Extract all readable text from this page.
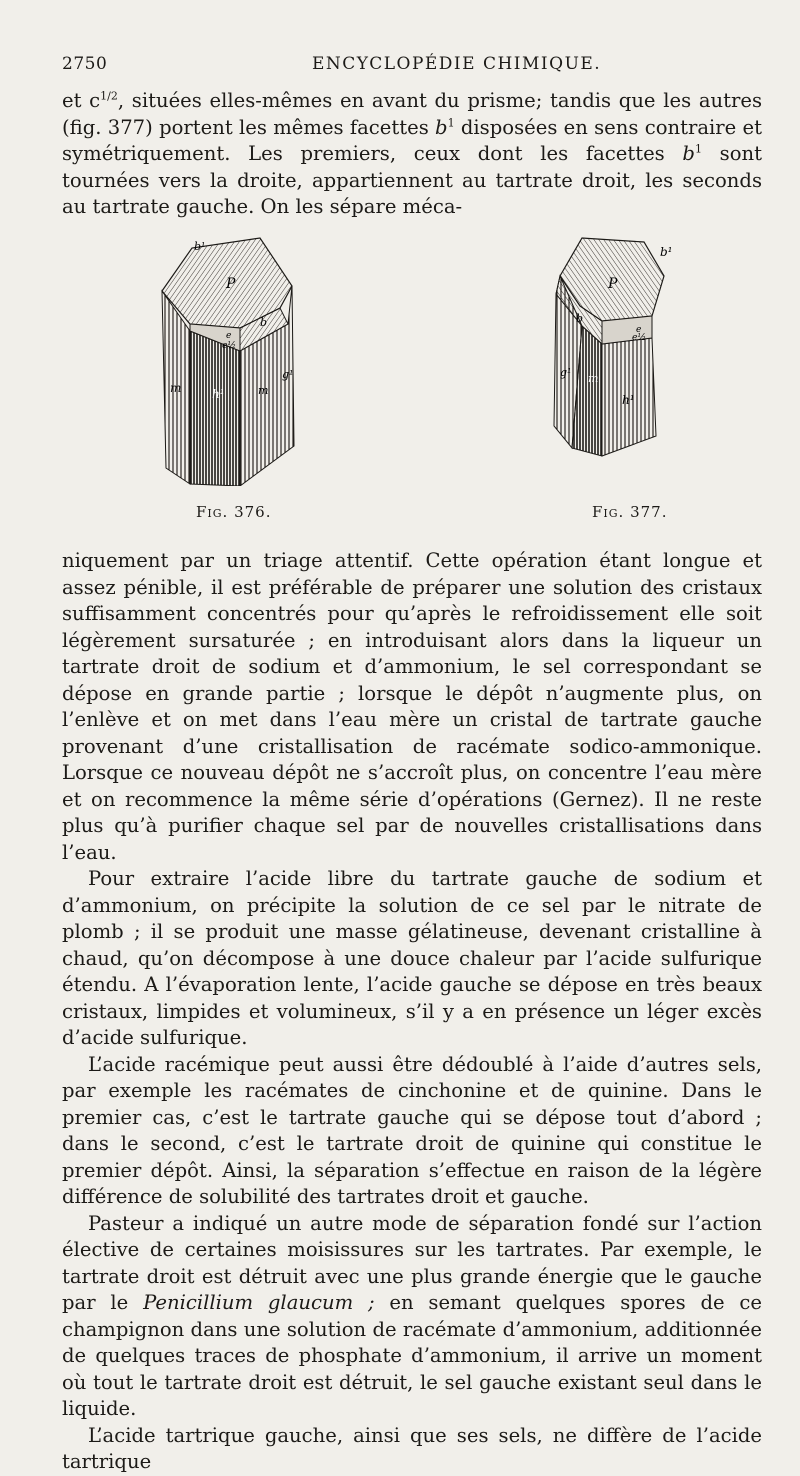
2750	ENCYCLOPÉDIE CHIMIQUE.

et $c^{1/2}$, situées elles-mêmes en avant du prisme; tandis que les autres (fig. 377) portent les mêmes facettes $b^1$ disposées en sens contraire et symétriquement. Les premiers, ceux dont les facettes $b^1$ sont tournées vers la droite, appartiennent au tartrate droit, les seconds au tartrate gauche. On les sépare méca-

b¹
P
e
e½
b
m	h¹
g¹
m
b¹
P
b
e
e½
g¹ m
h¹
Fig. 376.	Fig. 377.

niquement par un triage attentif. Cette opération étant longue et assez pénible, il est préférable de préparer une solution des cristaux suffisamment concentrés pour qu’après le refroidissement elle soit légèrement sursaturée ; en introduisant alors dans la liqueur un tartrate droit de sodium et d’ammonium, le sel correspondant se dépose en grande partie ; lorsque le dépôt n’augmente plus, on l’enlève et on met dans l’eau mère un cristal de tartrate gauche provenant d’une cristallisation de racémate sodico-ammonique. Lorsque ce nouveau dépôt ne s’accroît plus, on concentre l’eau mère et on recommence la même série d’opérations (Gernez). Il ne reste plus qu’à purifier chaque sel par de nouvelles cristallisations dans l’eau.

Pour extraire l’acide libre du tartrate gauche de sodium et d’ammonium, on précipite la solution de ce sel par le nitrate de plomb ; il se produit une masse gélatineuse, devenant cristalline à chaud, qu’on décompose à une douce chaleur par l’acide sulfurique étendu. A l’évaporation lente, l’acide gauche se dépose en très beaux cristaux, limpides et volumineux, s’il y a en présence un léger excès d’acide sulfurique.

L’acide racémique peut aussi être dédoublé à l’aide d’autres sels, par exemple les racémates de cinchonine et de quinine. Dans le premier cas, c’est le tartrate gauche qui se dépose tout d’abord ; dans le second, c’est le tartrate droit de quinine qui constitue le premier dépôt. Ainsi, la séparation s’effectue en raison de la légère différence de solubilité des tartrates droit et gauche.

Pasteur a indiqué un autre mode de séparation fondé sur l’action élective de certaines moisissures sur les tartrates. Par exemple, le tartrate droit est détruit avec une plus grande énergie que le gauche par le Penicillium glaucum ; en semant quelques spores de ce champignon dans une solution de racémate d’ammonium, additionnée de quelques traces de phosphate d’ammonium, il arrive un moment où tout le tartrate droit est détruit, le sel gauche existant seul dans le liquide.

L’acide tartrique gauche, ainsi que ses sels, ne diffère de l’acide tartrique
